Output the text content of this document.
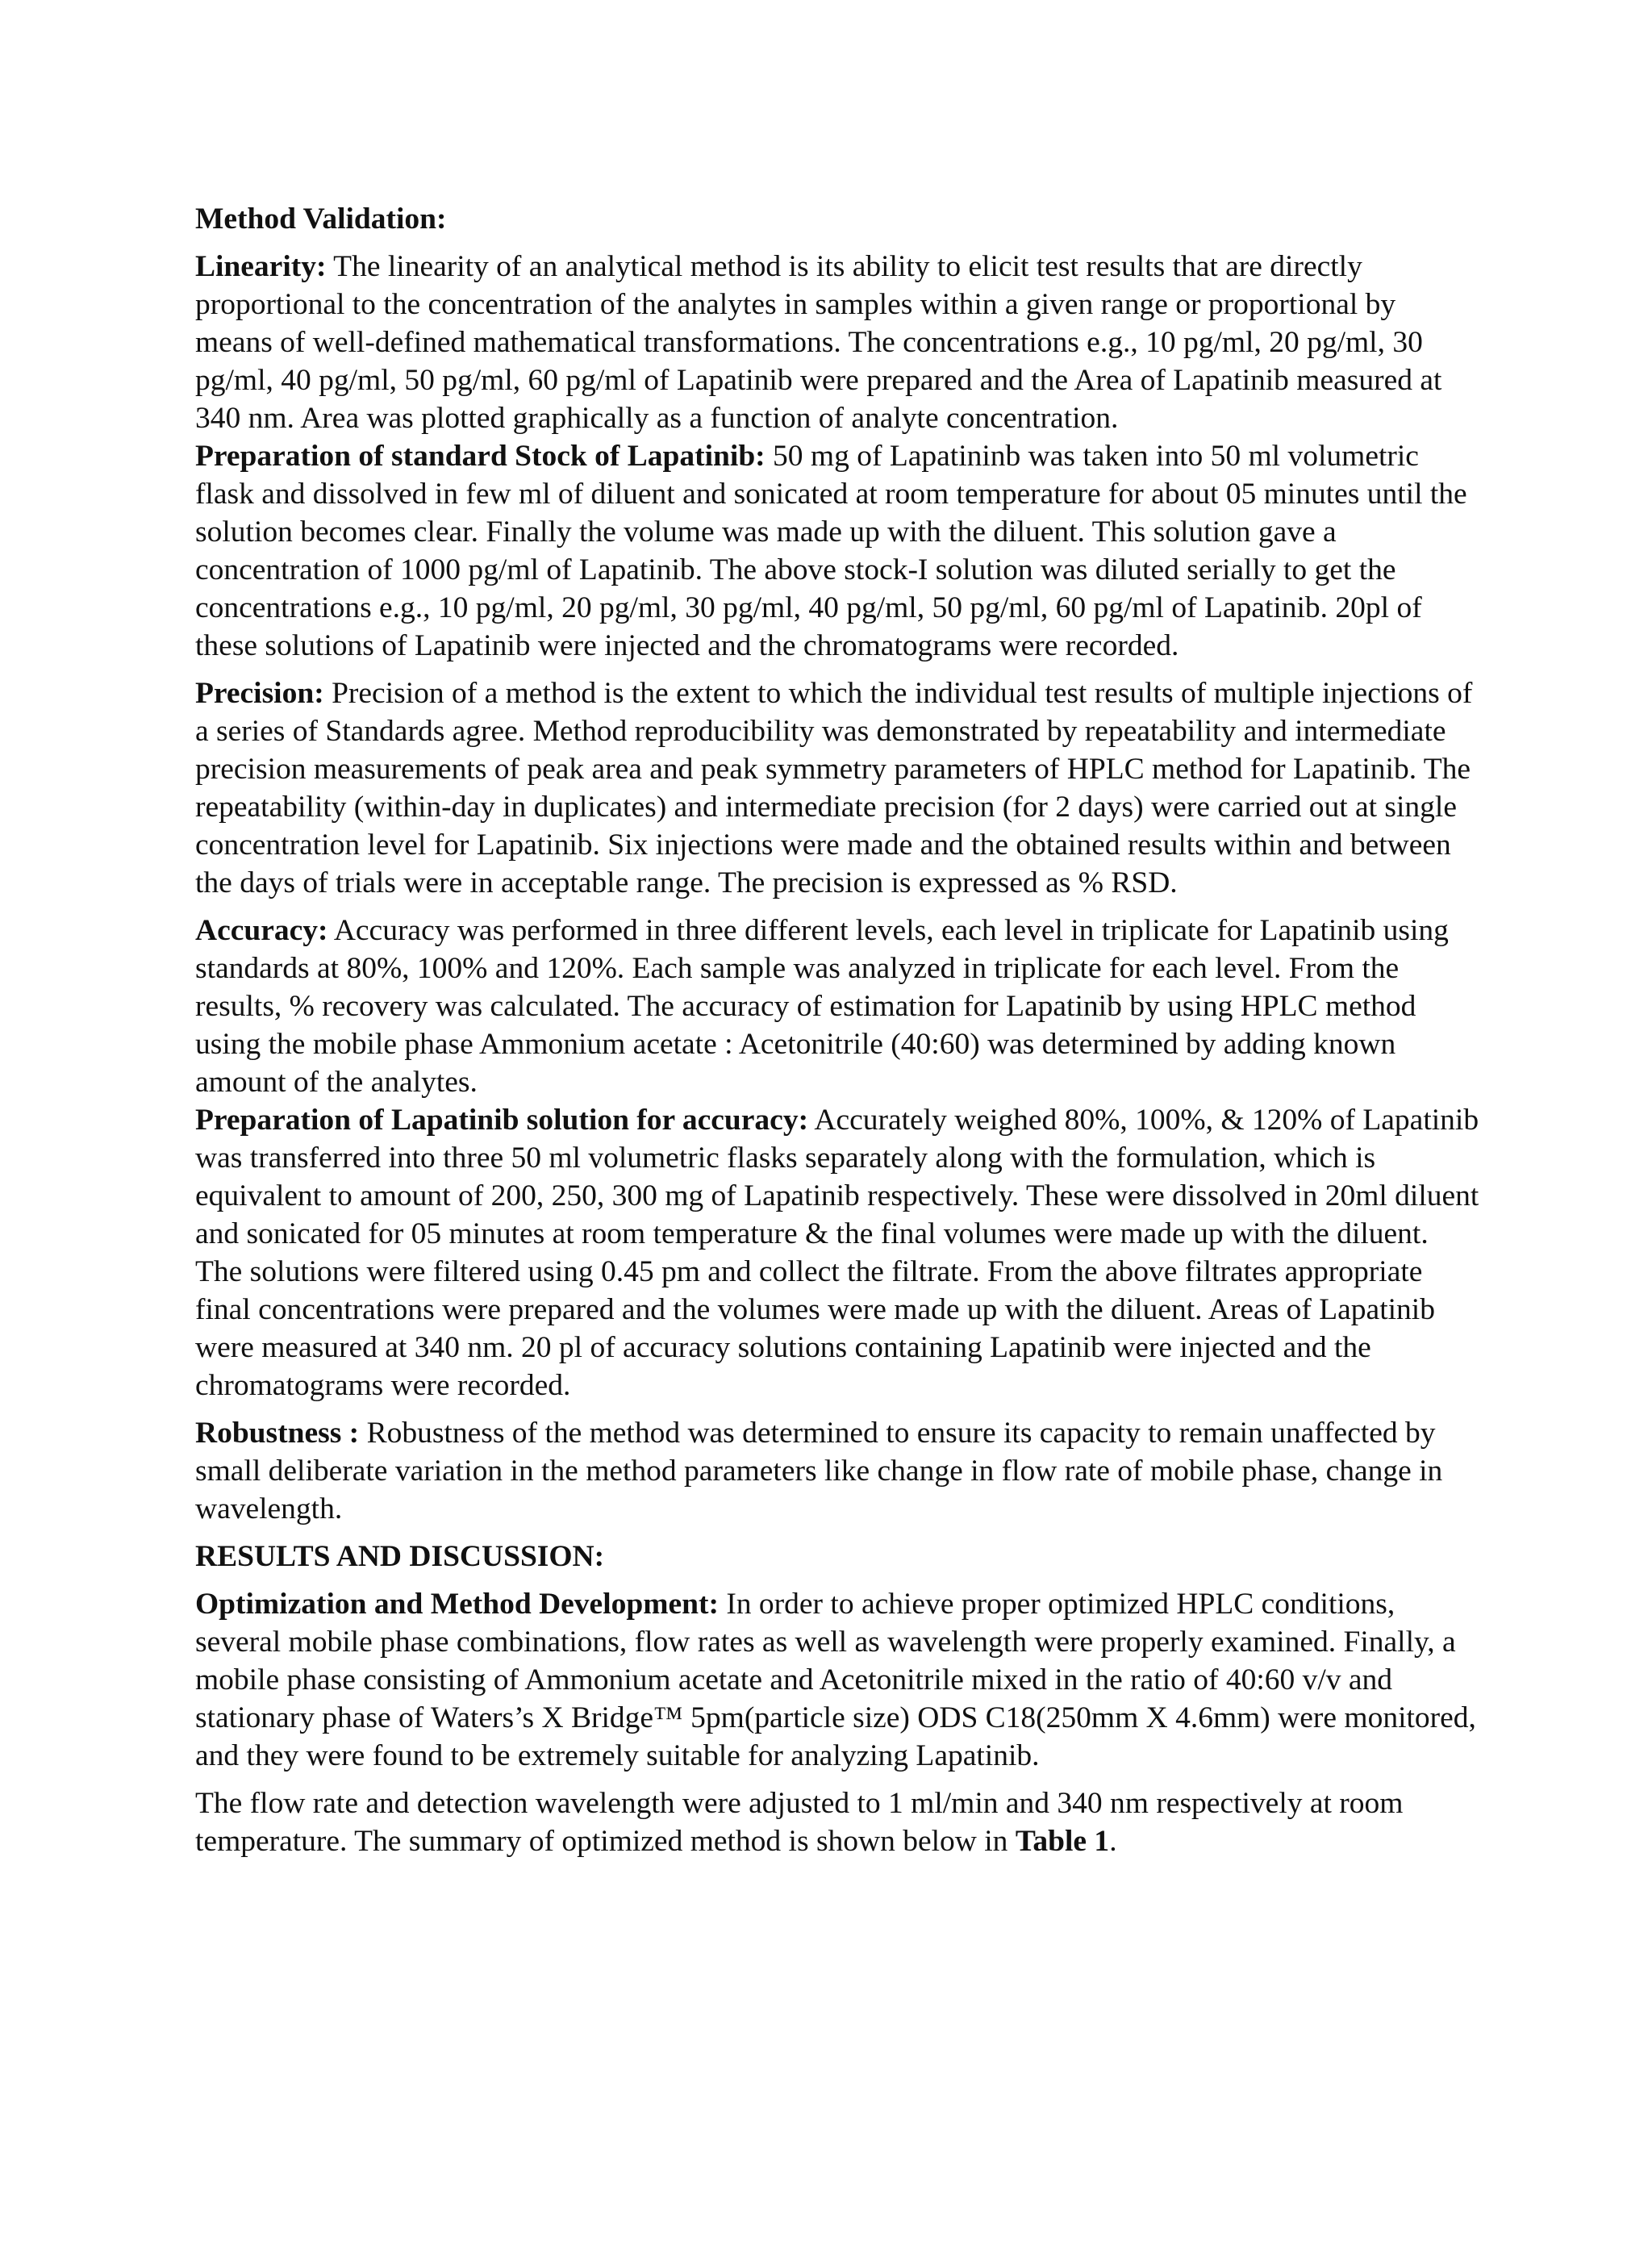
Method Validation:

Linearity: The linearity of an analytical method is its ability to elicit test results that are directly proportional to the concentration of the analytes in samples within a given range or proportional by means of well-defined mathematical transformations. The concentrations e.g., 10 pg/ml, 20 pg/ml, 30 pg/ml, 40 pg/ml, 50 pg/ml, 60 pg/ml of Lapatinib were prepared and the Area of Lapatinib measured at 340 nm. Area was plotted graphically as a function of analyte concentration.

Preparation of standard Stock of Lapatinib: 50 mg of Lapatininb was taken into 50 ml volumetric flask and dissolved in few ml of diluent and sonicated at room temperature for about 05 minutes until the solution becomes clear. Finally the volume was made up with the diluent. This solution gave a concentration of 1000 pg/ml of Lapatinib. The above stock-I solution was diluted serially to get the concentrations e.g., 10 pg/ml, 20 pg/ml, 30 pg/ml, 40 pg/ml, 50 pg/ml, 60 pg/ml of Lapatinib. 20pl of these solutions of Lapatinib were injected and the chromatograms were recorded.

Precision: Precision of a method is the extent to which the individual test results of multiple injections of a series of Standards agree. Method reproducibility was demonstrated by repeatability and intermediate precision measurements of peak area and peak symmetry parameters of HPLC method for Lapatinib. The repeatability (within-day in duplicates) and intermediate precision (for 2 days) were carried out at single concentration level for Lapatinib. Six injections were made and the obtained results within and between the days of trials were in acceptable range. The precision is expressed as % RSD.

Accuracy: Accuracy was performed in three different levels, each level in triplicate for Lapatinib using standards at 80%, 100% and 120%. Each sample was analyzed in triplicate for each level. From the results, % recovery was calculated. The accuracy of estimation for Lapatinib by using HPLC method using the mobile phase Ammonium acetate : Acetonitrile (40:60) was determined by adding known amount of the analytes.

Preparation of Lapatinib solution for accuracy: Accurately weighed 80%, 100%, & 120% of Lapatinib was transferred into three 50 ml volumetric flasks separately along with the formulation, which is equivalent to amount of 200, 250, 300 mg of Lapatinib respectively. These were dissolved in 20ml diluent and sonicated for 05 minutes at room temperature & the final volumes were made up with the diluent. The solutions were filtered using 0.45 pm and collect the filtrate. From the above filtrates appropriate final concentrations were prepared and the volumes were made up with the diluent. Areas of Lapatinib were measured at 340 nm. 20 pl of accuracy solutions containing Lapatinib were injected and the chromatograms were recorded.

Robustness : Robustness of the method was determined to ensure its capacity to remain unaffected by small deliberate variation in the method parameters like change in flow rate of mobile phase, change in wavelength.

RESULTS AND DISCUSSION:

Optimization and Method Development: In order to achieve proper optimized HPLC conditions, several mobile phase combinations, flow rates as well as wavelength were properly examined. Finally, a mobile phase consisting of Ammonium acetate and Acetonitrile mixed in the ratio of 40:60 v/v and stationary phase of Waters’s X Bridge™ 5pm(particle size) ODS C18(250mm X 4.6mm) were monitored, and they were found to be extremely suitable for analyzing Lapatinib.

The flow rate and detection wavelength were adjusted to 1 ml/min and 340 nm respectively at room temperature. The summary of optimized method is shown below in Table 1.
